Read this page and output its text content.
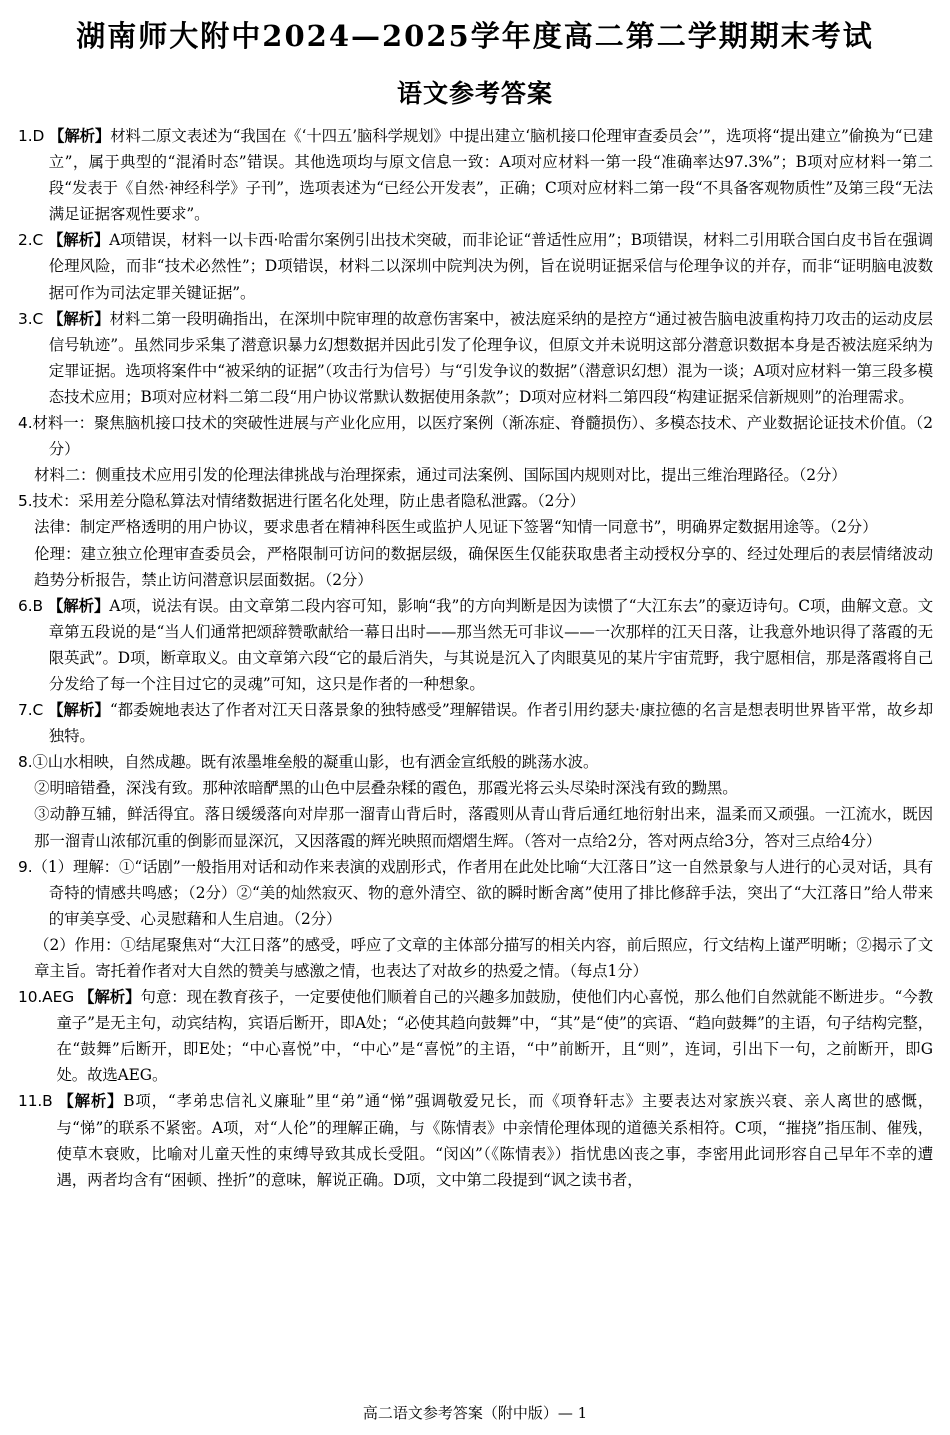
湖南师大附中2024—2025学年度高二第二学期期末考试
语文参考答案

1.D 【解析】材料二原文表述为“我国在《‘十四五’脑科学规划》中提出建立‘脑机接口伦理审查委员会’”，选项将“提出建立”偷换为“已建立”，属于典型的“混淆时态”错误。其他选项均与原文信息一致：A项对应材料一第一段“准确率达97.3%”；B项对应材料一第二段“发表于《自然·神经科学》子刊”，选项表述为“已经公开发表”，正确；C项对应材料二第一段“不具备客观物质性”及第三段“无法满足证据客观性要求”。

2.C 【解析】A项错误，材料一以卡西·哈雷尔案例引出技术突破，而非论证“普适性应用”；B项错误，材料二引用联合国白皮书旨在强调伦理风险，而非“技术必然性”；D项错误，材料二以深圳中院判决为例，旨在说明证据采信与伦理争议的并存，而非“证明脑电波数据可作为司法定罪关键证据”。

3.C 【解析】材料二第一段明确指出，在深圳中院审理的故意伤害案中，被法庭采纳的是控方“通过被告脑电波重构持刀攻击的运动皮层信号轨迹”。虽然同步采集了潜意识暴力幻想数据并因此引发了伦理争议，但原文并未说明这部分潜意识数据本身是否被法庭采纳为定罪证据。选项将案件中“被采纳的证据”（攻击行为信号）与“引发争议的数据”（潜意识幻想）混为一谈；A项对应材料一第三段多模态技术应用；B项对应材料二第二段“用户协议常默认数据使用条款”；D项对应材料二第四段“构建证据采信新规则”的治理需求。

4.材料一：聚焦脑机接口技术的突破性进展与产业化应用，以医疗案例（渐冻症、脊髓损伤）、多模态技术、产业数据论证技术价值。（2分）

材料二：侧重技术应用引发的伦理法律挑战与治理探索，通过司法案例、国际国内规则对比，提出三维治理路径。（2分）

5.技术：采用差分隐私算法对情绪数据进行匿名化处理，防止患者隐私泄露。（2分）

法律：制定严格透明的用户协议，要求患者在精神科医生或监护人见证下签署“知情一同意书”，明确界定数据用途等。（2分）

伦理：建立独立伦理审查委员会，严格限制可访问的数据层级，确保医生仅能获取患者主动授权分享的、经过处理后的表层情绪波动趋势分析报告，禁止访问潜意识层面数据。（2分）

6.B 【解析】A项，说法有误。由文章第二段内容可知，影响“我”的方向判断是因为读惯了“大江东去”的豪迈诗句。C项，曲解文意。文章第五段说的是“当人们通常把颂辞赞歌献给一幕日出时——那当然无可非议——一次那样的江天日落，让我意外地识得了落霞的无限英武”。D项，断章取义。由文章第六段“它的最后消失，与其说是沉入了肉眼莫见的某片宇宙荒野，我宁愿相信，那是落霞将自己分发给了每一个注目过它的灵魂”可知，这只是作者的一种想象。

7.C 【解析】“都委婉地表达了作者对江天日落景象的独特感受”理解错误。作者引用约瑟夫·康拉德的名言是想表明世界皆平常，故乡却独特。

8.①山水相映，自然成趣。既有浓墨堆垒般的凝重山影，也有洒金宣纸般的跳荡水波。

②明暗错叠，深浅有致。那种浓暗酽黑的山色中层叠杂糅的霞色，那霞光将云头尽染时深浅有致的黝黑。

③动静互辅，鲜活得宜。落日缓缓落向对岸那一溜青山背后时，落霞则从青山背后通红地衍射出来，温柔而又顽强。一江流水，既因那一溜青山浓郁沉重的倒影而显深沉，又因落霞的辉光映照而熠熠生辉。（答对一点给2分，答对两点给3分，答对三点给4分）

9.（1）理解：①“话剧”一般指用对话和动作来表演的戏剧形式，作者用在此处比喻“大江落日”这一自然景象与人进行的心灵对话，具有奇特的情感共鸣感；（2分）②“美的灿然寂灭、物的意外清空、欲的瞬时断舍离”使用了排比修辞手法，突出了“大江落日”给人带来的审美享受、心灵慰藉和人生启迪。（2分）

（2）作用：①结尾聚焦对“大江日落”的感受，呼应了文章的主体部分描写的相关内容，前后照应，行文结构上谨严明晰；②揭示了文章主旨。寄托着作者对大自然的赞美与感激之情，也表达了对故乡的热爱之情。（每点1分）

10.AEG 【解析】句意：现在教育孩子，一定要使他们顺着自己的兴趣多加鼓励，使他们内心喜悦，那么他们自然就能不断进步。“今教童子”是无主句，动宾结构，宾语后断开，即A处；“必使其趋向鼓舞”中，“其”是“使”的宾语、“趋向鼓舞”的主语，句子结构完整，在“鼓舞”后断开，即E处；“中心喜悦”中，“中心”是“喜悦”的主语，“中”前断开，且“则”，连词，引出下一句，之前断开，即G处。故选AEG。

11.B 【解析】B项，“孝弟忠信礼义廉耻”里“弟”通“悌”强调敬爱兄长，而《项脊轩志》主要表达对家族兴衰、亲人离世的感慨，与“悌”的联系不紧密。A项，对“人伦”的理解正确，与《陈情表》中亲情伦理体现的道德关系相符。C项，“摧挠”指压制、催残，使草木衰败，比喻对儿童天性的束缚导致其成长受阻。“闵凶”（《陈情表》）指忧患凶丧之事，李密用此词形容自己早年不幸的遭遇，两者均含有“困顿、挫折”的意味，解说正确。D项，文中第二段提到“讽之读书者，

高二语文参考答案（附中版）— 1
